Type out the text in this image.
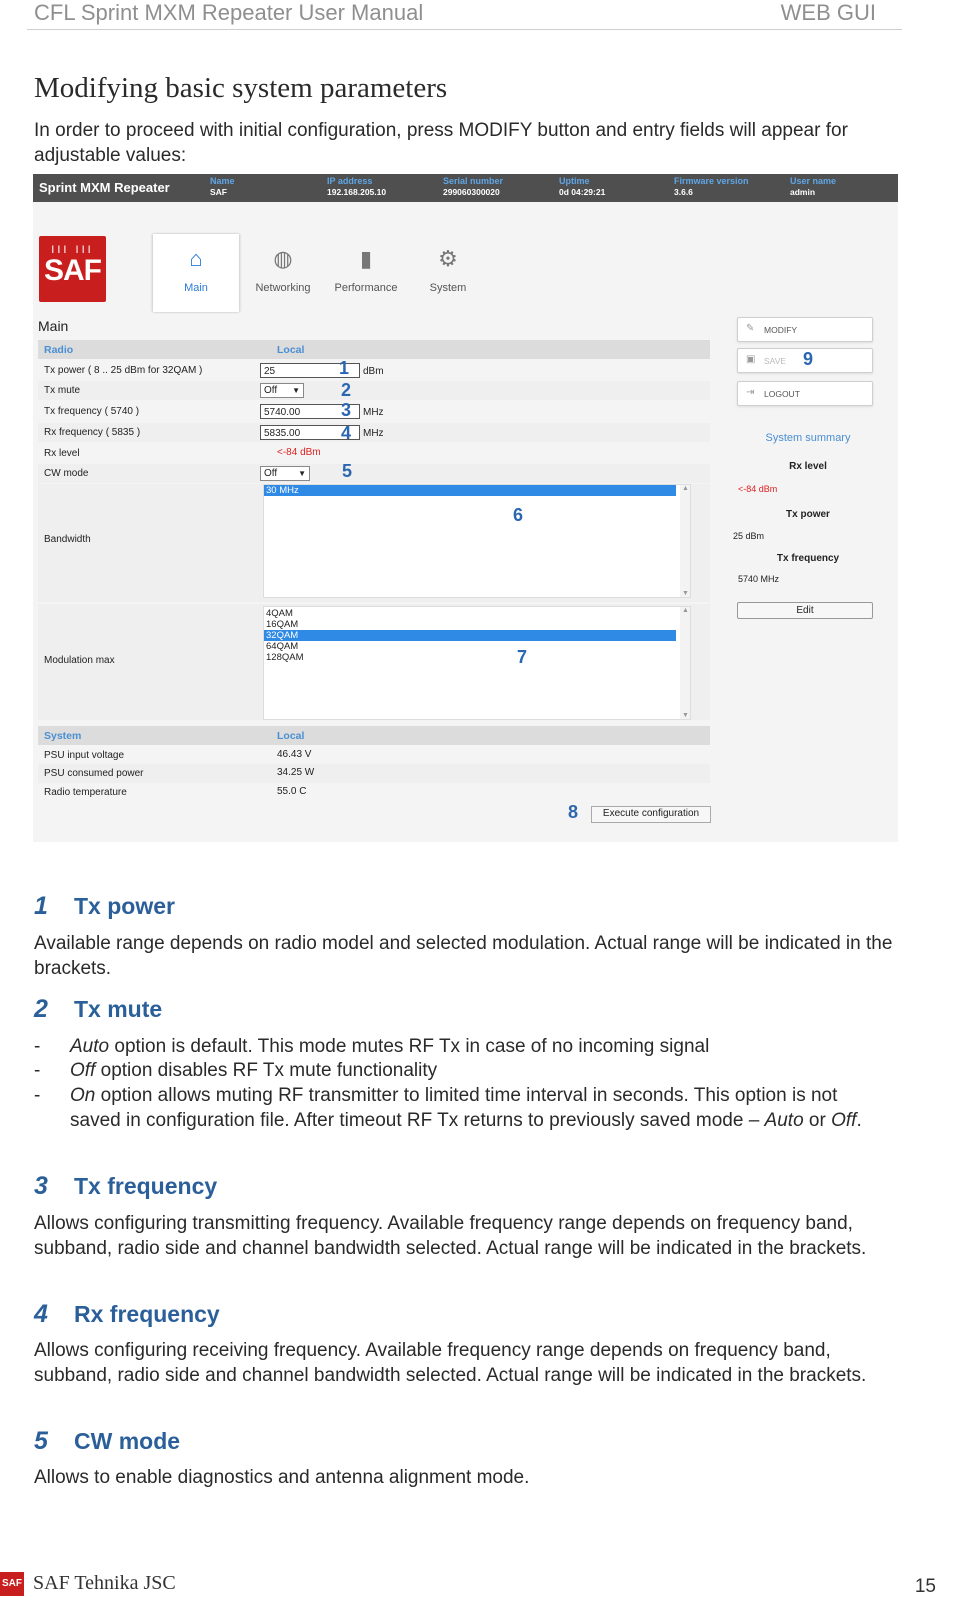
CFL Sprint MXM Repeater User Manual	WEB GUI
Modifying basic system parameters
In order to proceed with initial configuration, press MODIFY button and entry fields will appear for adjustable values:
Sprint MXM Repeater	Name
SAF
IP address
192.168.205.10
Serial number
299060300020
Uptime
0d 04:29:21
Firmware version
3.6.6
User name
admin
III III
SAF	⌂
Main
◍
Networking
▮
Performance
⚙
System
Main
Radio	Local
Tx power ( 8 .. 25 dBm for 32QAM )	25	dBm
Tx mute	Off ▼
Tx frequency ( 5740 )	5740.00	MHz
Rx frequency ( 5835 )	5835.00	MHz
Rx level	<-84 dBm
CW mode	Off	▼
Bandwidth
30 MHz	▲
▼
Modulation max
4QAM
16QAM
32QAM
64QAM
128QAM
▲
▼
System	Local
PSU input voltage	46.43 V
PSU consumed power	34.25 W
Radio temperature	55.0 C
Execute configuration
✎ MODIFY
▣ SAVE
⇥ LOGOUT
System summary
Rx level
<-84 dBm
Tx power
25 dBm
Tx frequency
5740 MHz
Edit
1
2
3
4
5
6
7
8
9
1 Tx power
Available range depends on radio model and selected modulation. Actual range will be indicated in the brackets.
2 Tx mute
- Auto option is default. This mode mutes RF Tx in case of no incoming signal
- Off option disables RF Tx mute functionality
- On option allows muting RF transmitter to limited time interval in seconds. This option is not saved in configuration file. After timeout RF Tx returns to previously saved mode – Auto or Off.
3 Tx frequency
Allows configuring transmitting frequency. Available frequency range depends on frequency band, subband, radio side and channel bandwidth selected. Actual range will be indicated in the brackets.
4 Rx frequency
Allows configuring receiving frequency. Available frequency range depends on frequency band, subband, radio side and channel bandwidth selected. Actual range will be indicated in the brackets.
5 CW mode
Allows to enable diagnostics and antenna alignment mode.
SAF SAF Tehnika JSC	15
